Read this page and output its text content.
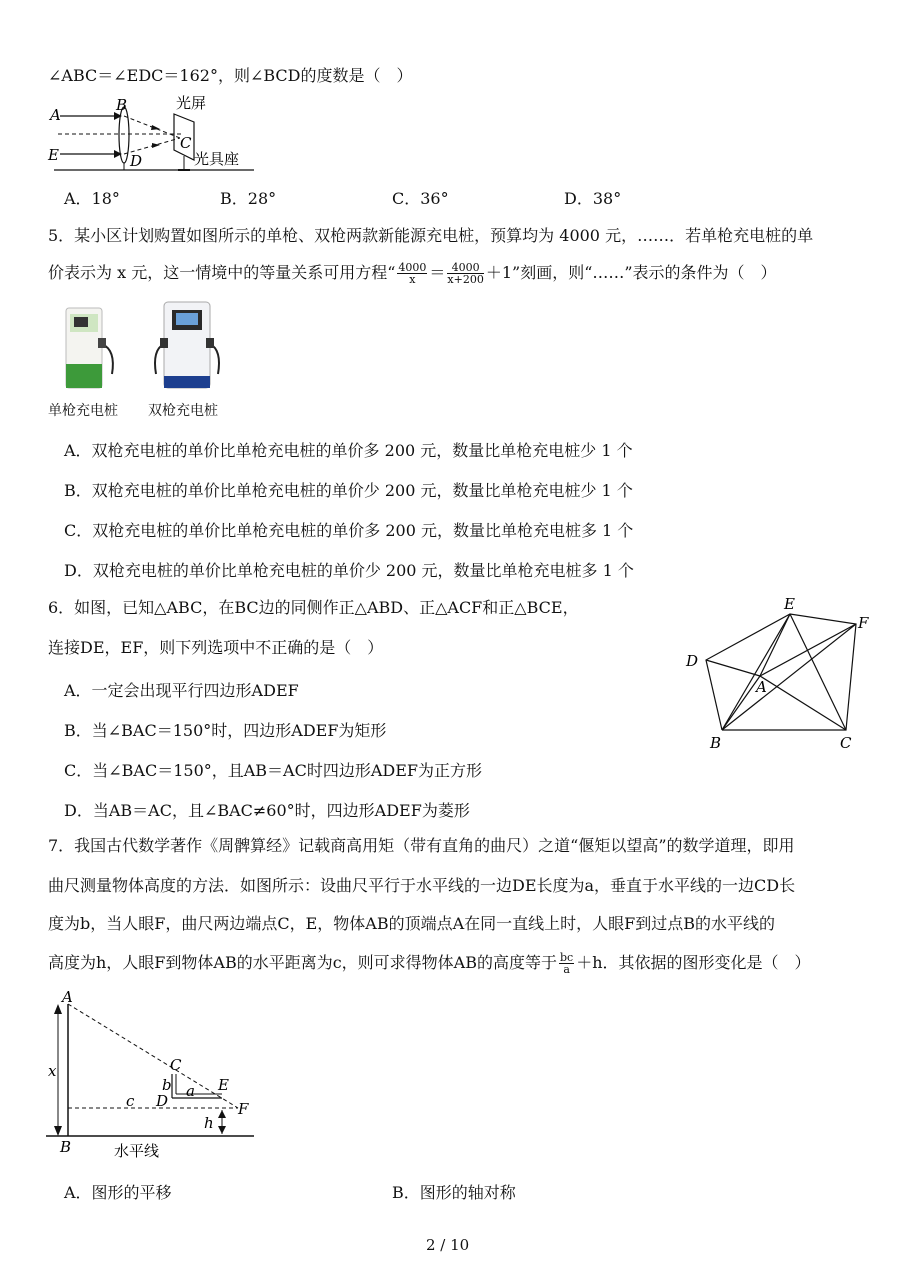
∠ABC＝∠EDC＝162°，则∠BCD的度数是（　）
A
B
C
D
E
光屏
光具座
A．18°	B．28°	C．36°	D．38°
5．某小区计划购置如图所示的单枪、双枪两款新能源充电桩，预算均为 4000 元，……．若单枪充电桩的单
价表示为 x 元，这一情境中的等量关系可用方程“ $\frac{4000}{x} = \frac{4000}{x+200} +1$”刻画，则“……”表示的条件为（　）
单枪充电桩 双枪充电桩
A．双枪充电桩的单价比单枪充电桩的单价多 200 元，数量比单枪充电桩少 1 个
B．双枪充电桩的单价比单枪充电桩的单价少 200 元，数量比单枪充电桩少 1 个
C．双枪充电桩的单价比单枪充电桩的单价多 200 元，数量比单枪充电桩多 1 个
D．双枪充电桩的单价比单枪充电桩的单价少 200 元，数量比单枪充电桩多 1 个
6．如图，已知△ABC，在BC边的同侧作正△ABD、正△ACF和正△BCE，
连接DE，EF，则下列选项中不正确的是（　）
A．一定会出现平行四边形ADEF
B．当∠BAC＝150°时，四边形ADEF为矩形
C．当∠BAC＝150°，且AB＝AC时四边形ADEF为正方形
D．当AB＝AC，且∠BAC≠60°时，四边形ADEF为菱形
B	C
D
E
F
A
7．我国古代数学著作《周髀算经》记载商高用矩（带有直角的曲尺）之道“偃矩以望高”的数学道理，即用
曲尺测量物体高度的方法．如图所示：设曲尺平行于水平线的一边DE长度为a，垂直于水平线的一边CD长
度为b，当人眼F，曲尺两边端点C，E，物体AB的顶端点A在同一直线上时，人眼F到过点B的水平线的
高度为h，人眼F到物体AB的水平距离为c，则可求得物体AB的高度等于 $\frac{bc}{a} +h$．其依据的图形变化是（　）
A
B
C
D
E
F
x
a
b
c
h
水平线
A．图形的平移	B．图形的轴对称
2 / 10
